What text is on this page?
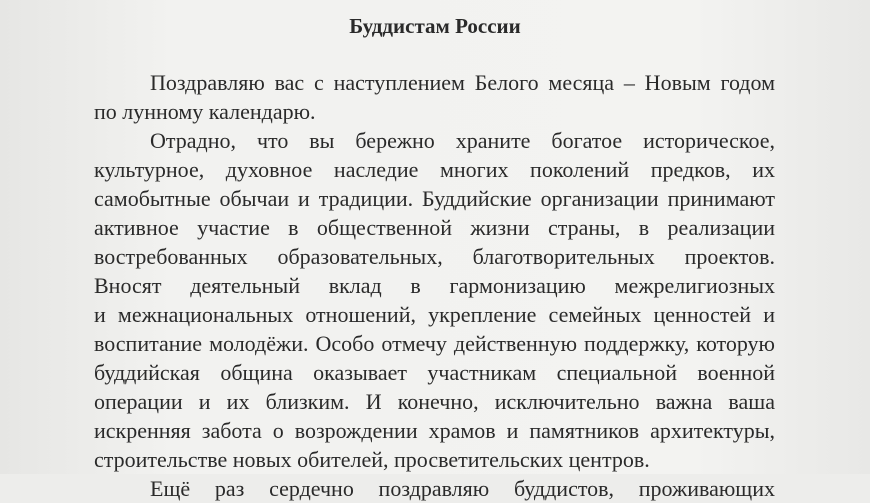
Буддистам России
Поздравляю вас с наступлением Белого месяца – Новым годом
по лунному календарю.
Отрадно, что вы бережно храните богатое историческое,
культурное, духовное наследие многих поколений предков, их
самобытные обычаи и традиции. Буддийские организации принимают
активное участие в общественной жизни страны, в реализации
востребованных образовательных, благотворительных проектов.
Вносят деятельный вклад в гармонизацию межрелигиозных
и межнациональных отношений, укрепление семейных ценностей и
воспитание молодёжи. Особо отмечу действенную поддержку, которую
буддийская община оказывает участникам специальной военной
операции и их близким. И конечно, исключительно важна ваша
искренняя забота о возрождении храмов и памятников архитектуры,
строительстве новых обителей, просветительских центров.
Ещё раз сердечно поздравляю буддистов, проживающих
